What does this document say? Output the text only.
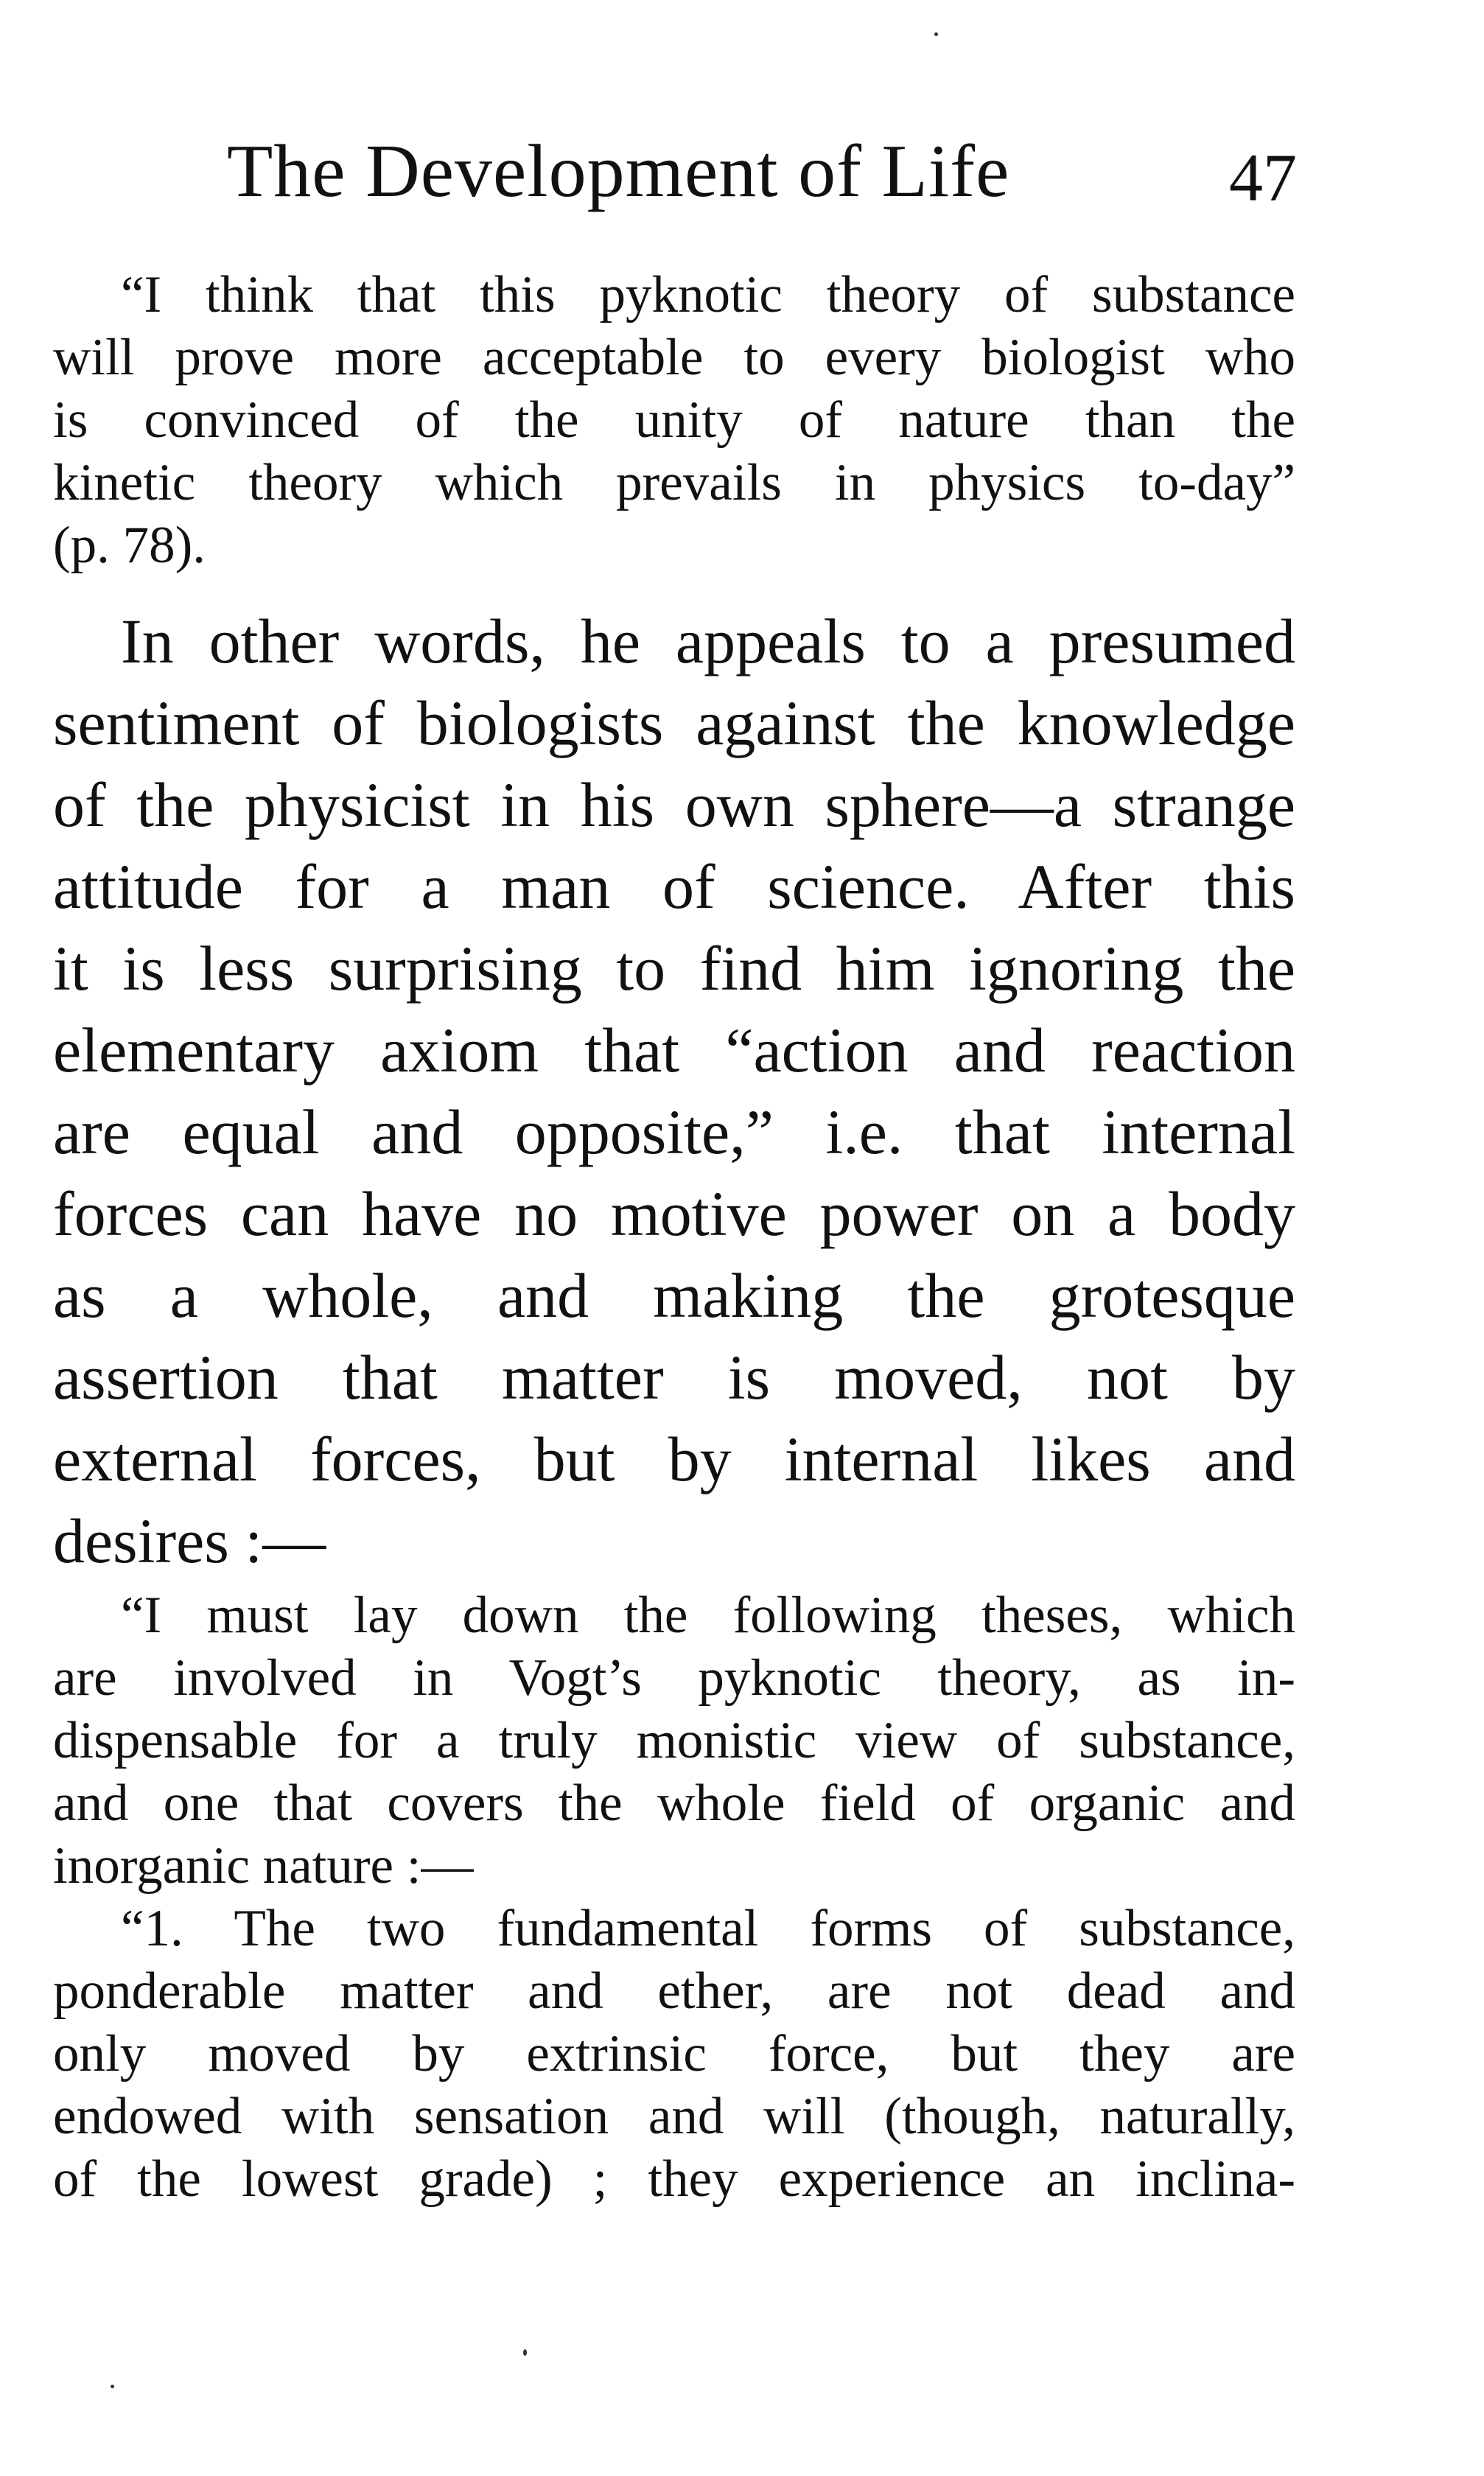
The Development of Life	47
“I think that this pyknotic theory of substance
will prove more acceptable to every biologist who
is convinced of the unity of nature than the
kinetic theory which prevails in physics to-day”
(p. 78).
In other words, he appeals to a presumed
sentiment of biologists against the knowledge
of the physicist in his own sphere—a strange
attitude for a man of science. After this
it is less surprising to find him ignoring the
elementary axiom that “action and reaction
are equal and opposite,” i.e. that internal
forces can have no motive power on a body
as a whole, and making the grotesque
assertion that matter is moved, not by
external forces, but by internal likes and
desires :—
“I must lay down the following theses, which
are involved in Vogt’s pyknotic theory, as in-
dispensable for a truly monistic view of substance,
and one that covers the whole field of organic and
inorganic nature :—
“1. The two fundamental forms of substance,
ponderable matter and ether, are not dead and
only moved by extrinsic force, but they are
endowed with sensation and will (though, naturally,
of the lowest grade) ; they experience an inclina-
